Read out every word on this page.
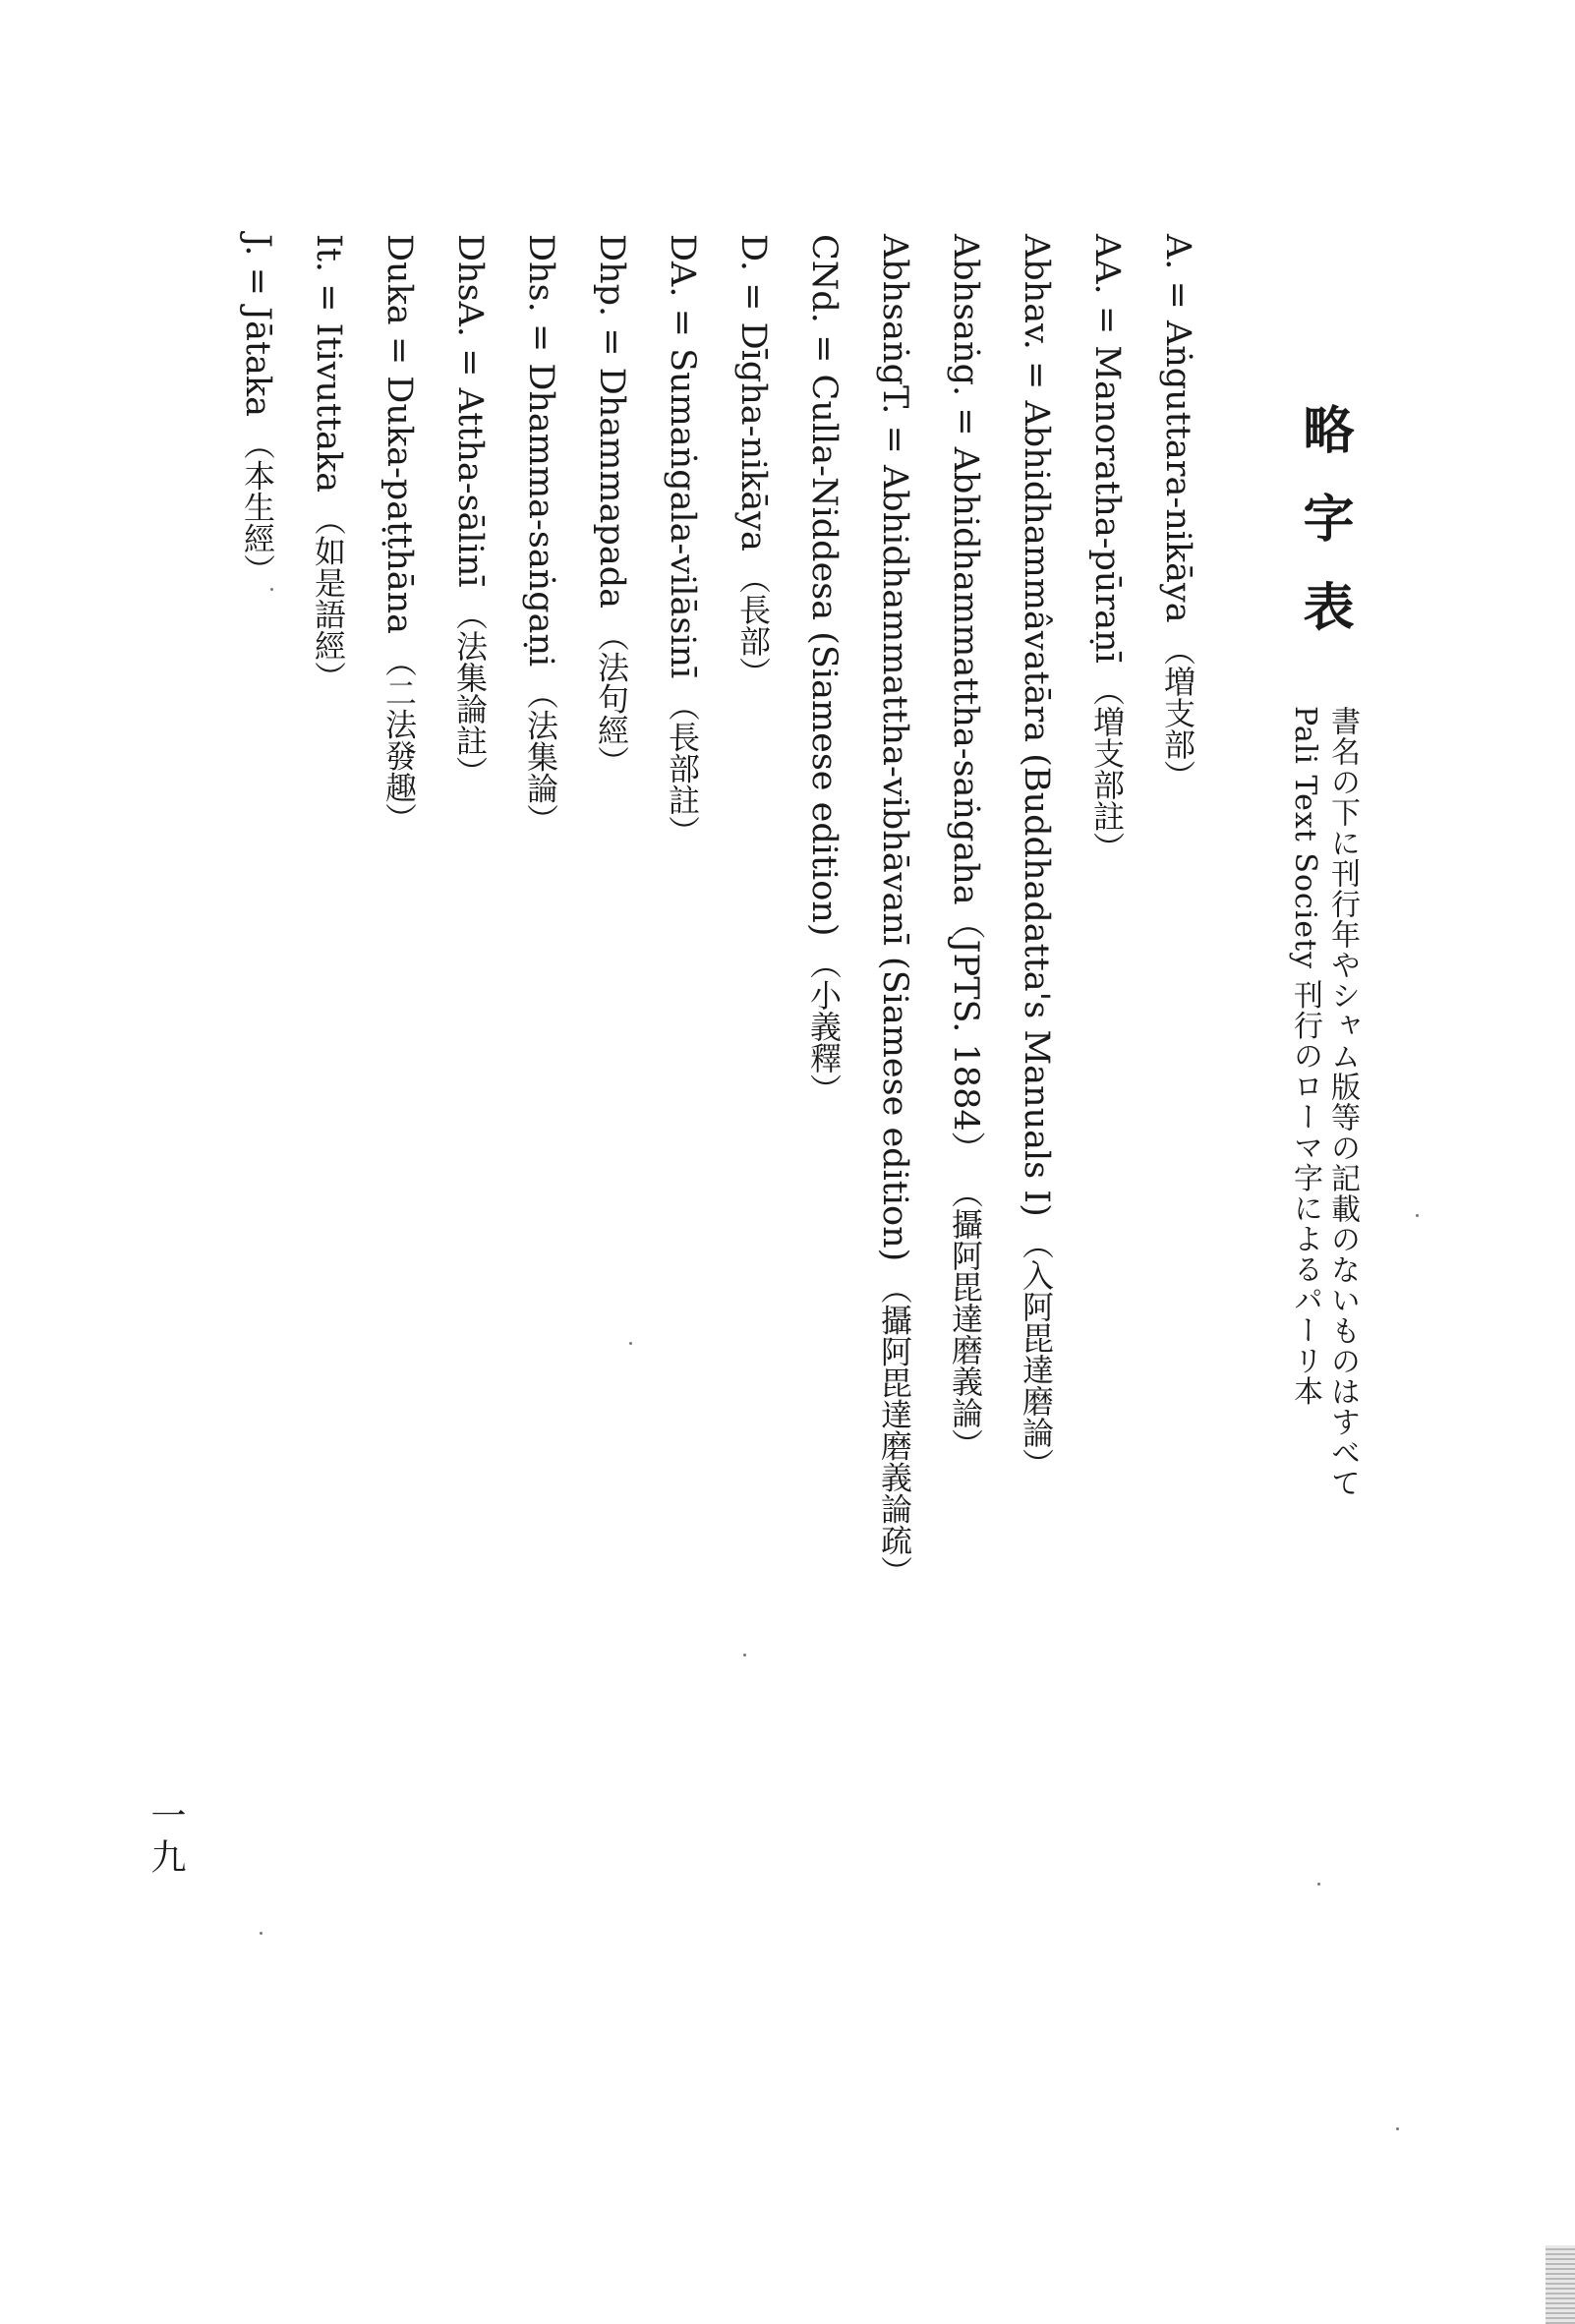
略字表
書名の下に刊行年やシャム版等の記載のないものはすべて
Pali Text Society 刊行のローマ字によるパーリ本
A. = Aṅguttara-nikāya （増支部）
AA. = Manoratha-pūraṇī （増支部註）
Abhav. = Abhidhammâvatāra (Buddhadatta's Manuals I) （入阿毘達磨論）
Abhsaṅg. = Abhidhammattha-saṅgaha（JPTS. 1884） （攝阿毘達磨義論）
AbhsaṅgT. = Abhidhammattha-vibhāvanī (Siamese edition) （攝阿毘達磨義論疏）
CNd. = Culla-Niddesa (Siamese edition) （小義釋）
D. = Dīgha-nikāya （長部）
DA. = Sumaṅgala-vilāsinī （長部註）
Dhp. = Dhammapada （法句經）
Dhs. = Dhamma-saṅgaṇi （法集論）
DhsA. = Attha-sālinī （法集論註）
Duka = Duka-paṭṭhāna （二法發趣）
It. = Itivuttaka （如是語經）
J. = Jātaka （本生經）
一九
